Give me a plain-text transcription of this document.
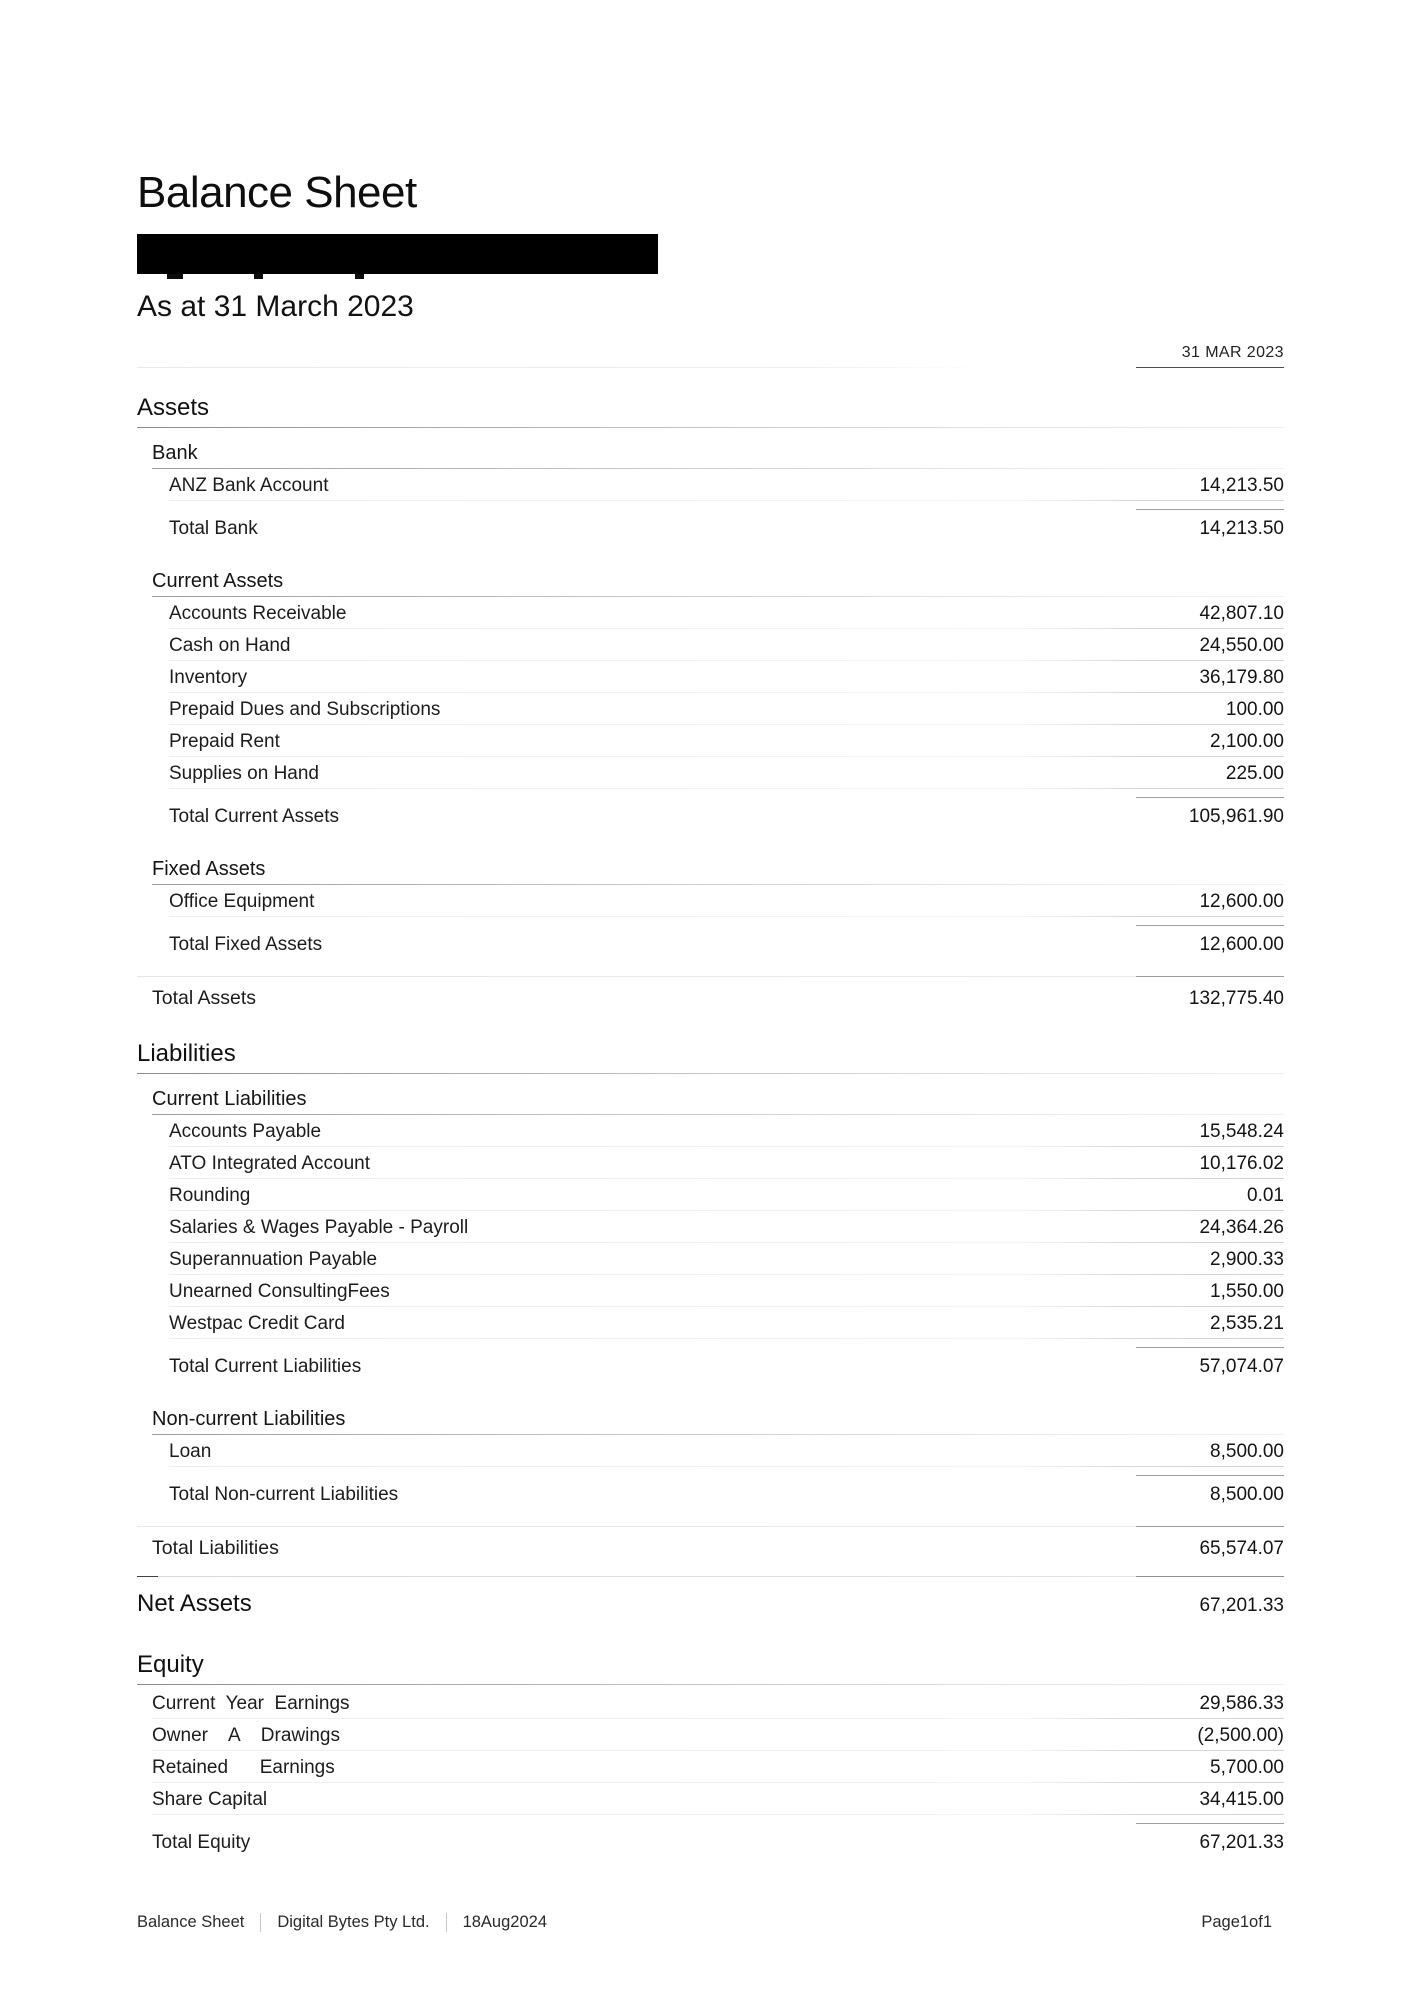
Balance Sheet
As at 31 March 2023
31 MAR 2023
Assets
Bank
ANZ Bank Account	14,213.50
Total Bank	14,213.50
Current Assets
Accounts Receivable	42,807.10
Cash on Hand	24,550.00
Inventory	36,179.80
Prepaid Dues and Subscriptions	100.00
Prepaid Rent	2,100.00
Supplies on Hand	225.00
Total Current Assets	105,961.90
Fixed Assets
Office Equipment	12,600.00
Total Fixed Assets	12,600.00
Total Assets	132,775.40
Liabilities
Current Liabilities
Accounts Payable	15,548.24
ATO Integrated Account	10,176.02
Rounding	0.01
Salaries & Wages Payable - Payroll	24,364.26
Superannuation Payable	2,900.33
Unearned ConsultingFees	1,550.00
Westpac Credit Card	2,535.21
Total Current Liabilities	57,074.07
Non-current Liabilities
Loan	8,500.00
Total Non-current Liabilities	8,500.00
Total Liabilities	65,574.07
Net Assets	67,201.33
Equity
Current  Year  Earnings	29,586.33
Owner    A    Drawings	(2,500.00)
Retained      Earnings	5,700.00
Share Capital	34,415.00
Total Equity	67,201.33
Balance Sheet Digital Bytes Pty Ltd. 18Aug2024	Page1of1
